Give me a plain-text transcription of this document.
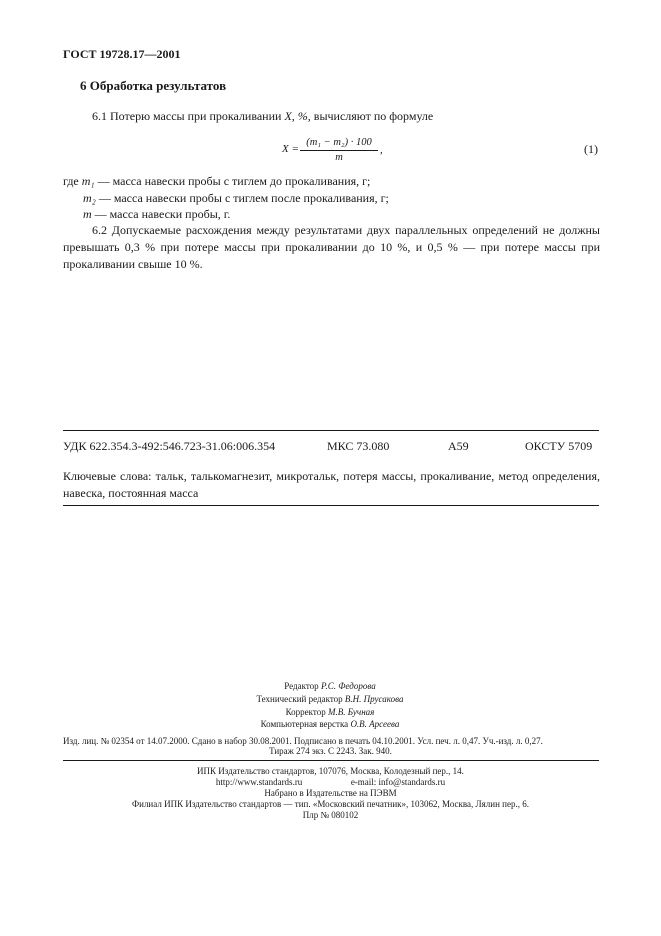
ГОСТ 19728.17—2001
6 Обработка результатов
6.1 Потерю массы при прокаливании X, %, вычисляют по формуле
X =
(m₁ − m₂) · 100
m
,	(1)
где m₁ — масса навески пробы с тиглем до прокаливания, г;
m₂ — масса навески пробы с тиглем после прокаливания, г;
m — масса навески пробы, г.
6.2 Допускаемые расхождения между результатами двух параллельных определений не должны превышать 0,3 % при потере массы при прокаливании до 10 %, и 0,5 % — при потере массы при прокаливании свыше 10 %.
УДК 622.354.3-492:546.723-31.06:006.354	МКС 73.080	А59	ОКСТУ 5709
Ключевые слова: тальк, талькомагнезит, микротальк, потеря массы, прокаливание, метод определения, навеска, постоянная масса
Редактор Р.С. Федорова
Технический редактор В.Н. Прусакова
Корректор М.В. Бучная
Компьютерная верстка О.В. Арсеева
Изд. лиц. № 02354 от 14.07.2000. Сдано в набор 30.08.2001. Подписано в печать 04.10.2001. Усл. печ. л. 0,47. Уч.-изд. л. 0,27.
Тираж 274 экз. С 2243. Зак. 940.
ИПК Издательство стандартов, 107076, Москва, Колодезный пер., 14.
http://www.standards.ru	e-mail: info@standards.ru
Набрано в Издательстве на ПЭВМ
Филиал ИПК Издательство стандартов — тип. «Московский печатник», 103062, Москва, Лялин пер., 6.
Плр № 080102
